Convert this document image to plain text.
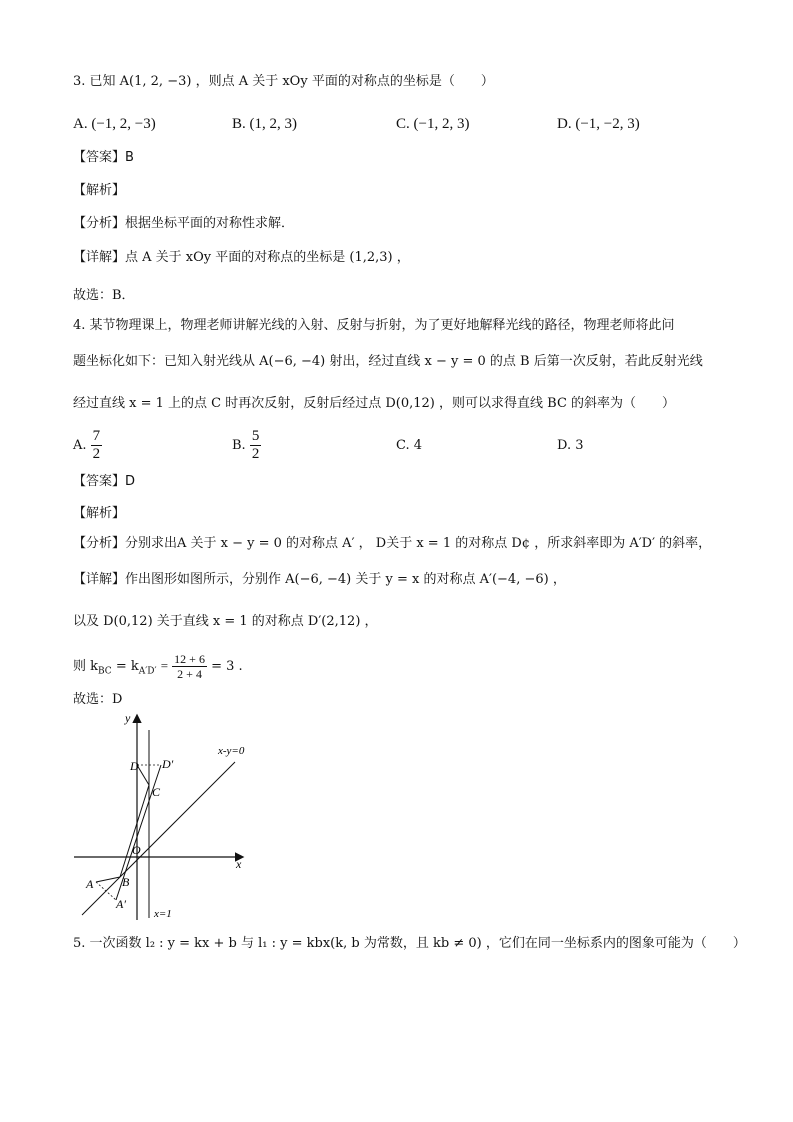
3. 已知 A(1, 2, −3) ，则点 A 关于 xOy 平面的对称点的坐标是（　　）
A. (−1, 2, −3)	B. (1, 2, 3)	C. (−1, 2, 3)	D. (−1, −2, 3)
【答案】B
【解析】
【分析】根据坐标平面的对称性求解．
【详解】点 A 关于 xOy 平面的对称点的坐标是 (1,2,3) ，
故选：B．
4. 某节物理课上，物理老师讲解光线的入射、反射与折射，为了更好地解释光线的路径，物理老师将此问
题坐标化如下：已知入射光线从 A(−6, −4) 射出，经过直线 x − y = 0 的点 B 后第一次反射，若此反射光线
经过直线 x = 1 上的点 C 时再次反射，反射后经过点 D(0,12) ，则可以求得直线 BC 的斜率为（　　）
A. $\frac{7}{2}$	B. $\frac{5}{2}$	C. 4	D. 3
【答案】D
【解析】
【分析】分别求出A 关于 x − y = 0 的对称点 A′ ， D关于 x = 1 的对称点 D¢ ，所求斜率即为 A′D′ 的斜率，
【详解】作出图形如图所示，分别作 A(−6, −4) 关于 y = x 的对称点 A′(−4, −6) ，
以及 D(0,12) 关于直线 x = 1 的对称点 D′(2,12) ，
则 $k_{BC} = k_{A'D'} = \frac{12 + 6}{2 + 4} = 3$ .
故选：D
y
x
O
x-y=0
x=1
D D′
C
A B
A′
5. 一次函数 l₂ : y = kx + b 与 l₁ : y = kbx(k, b 为常数，且 kb ≠ 0) ，它们在同一坐标系内的图象可能为（　　）
